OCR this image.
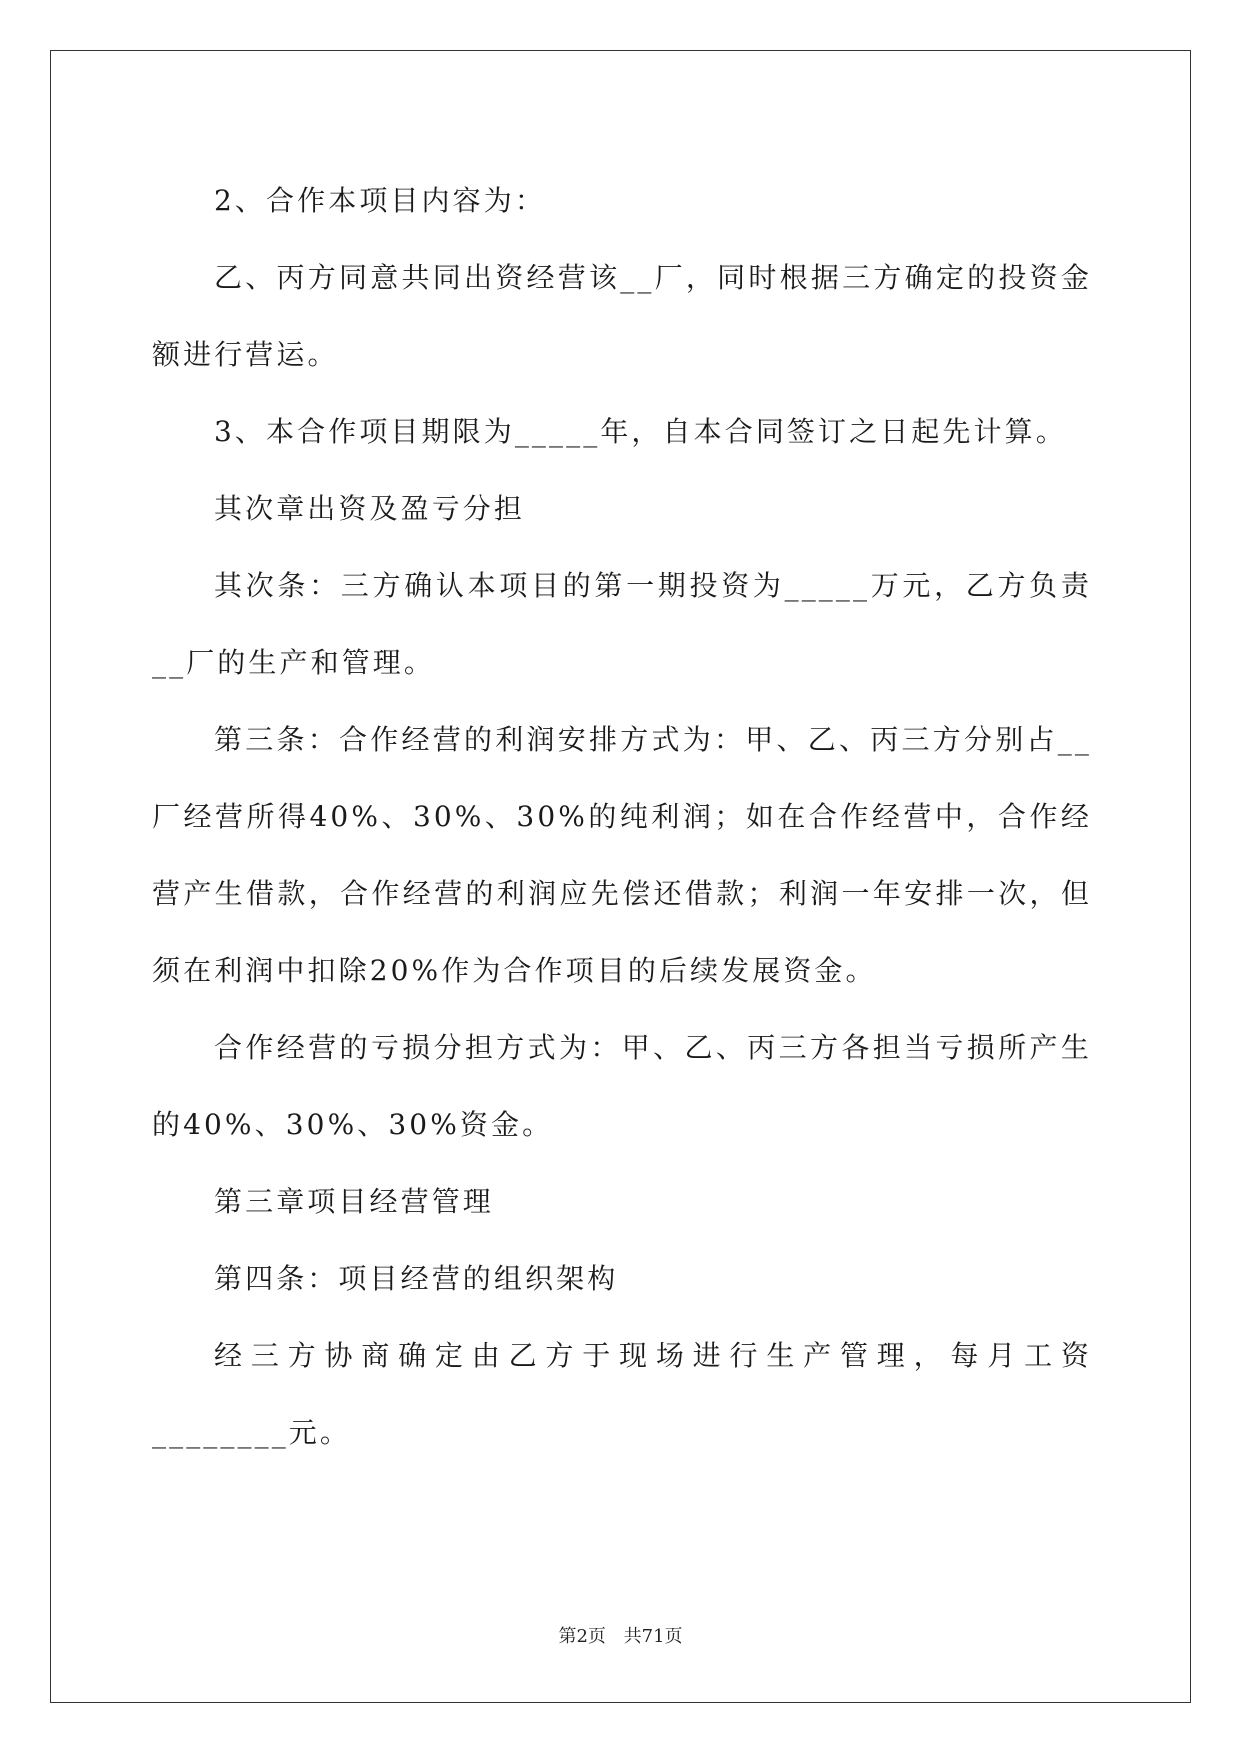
2、合作本项目内容为：

乙、丙方同意共同出资经营该__厂，同时根据三方确定的投资金额进行营运。

3、本合作项目期限为_____年，自本合同签订之日起先计算。

其次章出资及盈亏分担

其次条：三方确认本项目的第一期投资为_____万元，乙方负责__厂的生产和管理。

第三条：合作经营的利润安排方式为：甲、乙、丙三方分别占__厂经营所得40%、30%、30%的纯利润；如在合作经营中，合作经营产生借款，合作经营的利润应先偿还借款；利润一年安排一次，但须在利润中扣除20%作为合作项目的后续发展资金。

合作经营的亏损分担方式为：甲、乙、丙三方各担当亏损所产生的40%、30%、30%资金。

第三章项目经营管理

第四条：项目经营的组织架构

经三方协商确定由乙方于现场进行生产管理，每月工资________元。

第2页 共71页
